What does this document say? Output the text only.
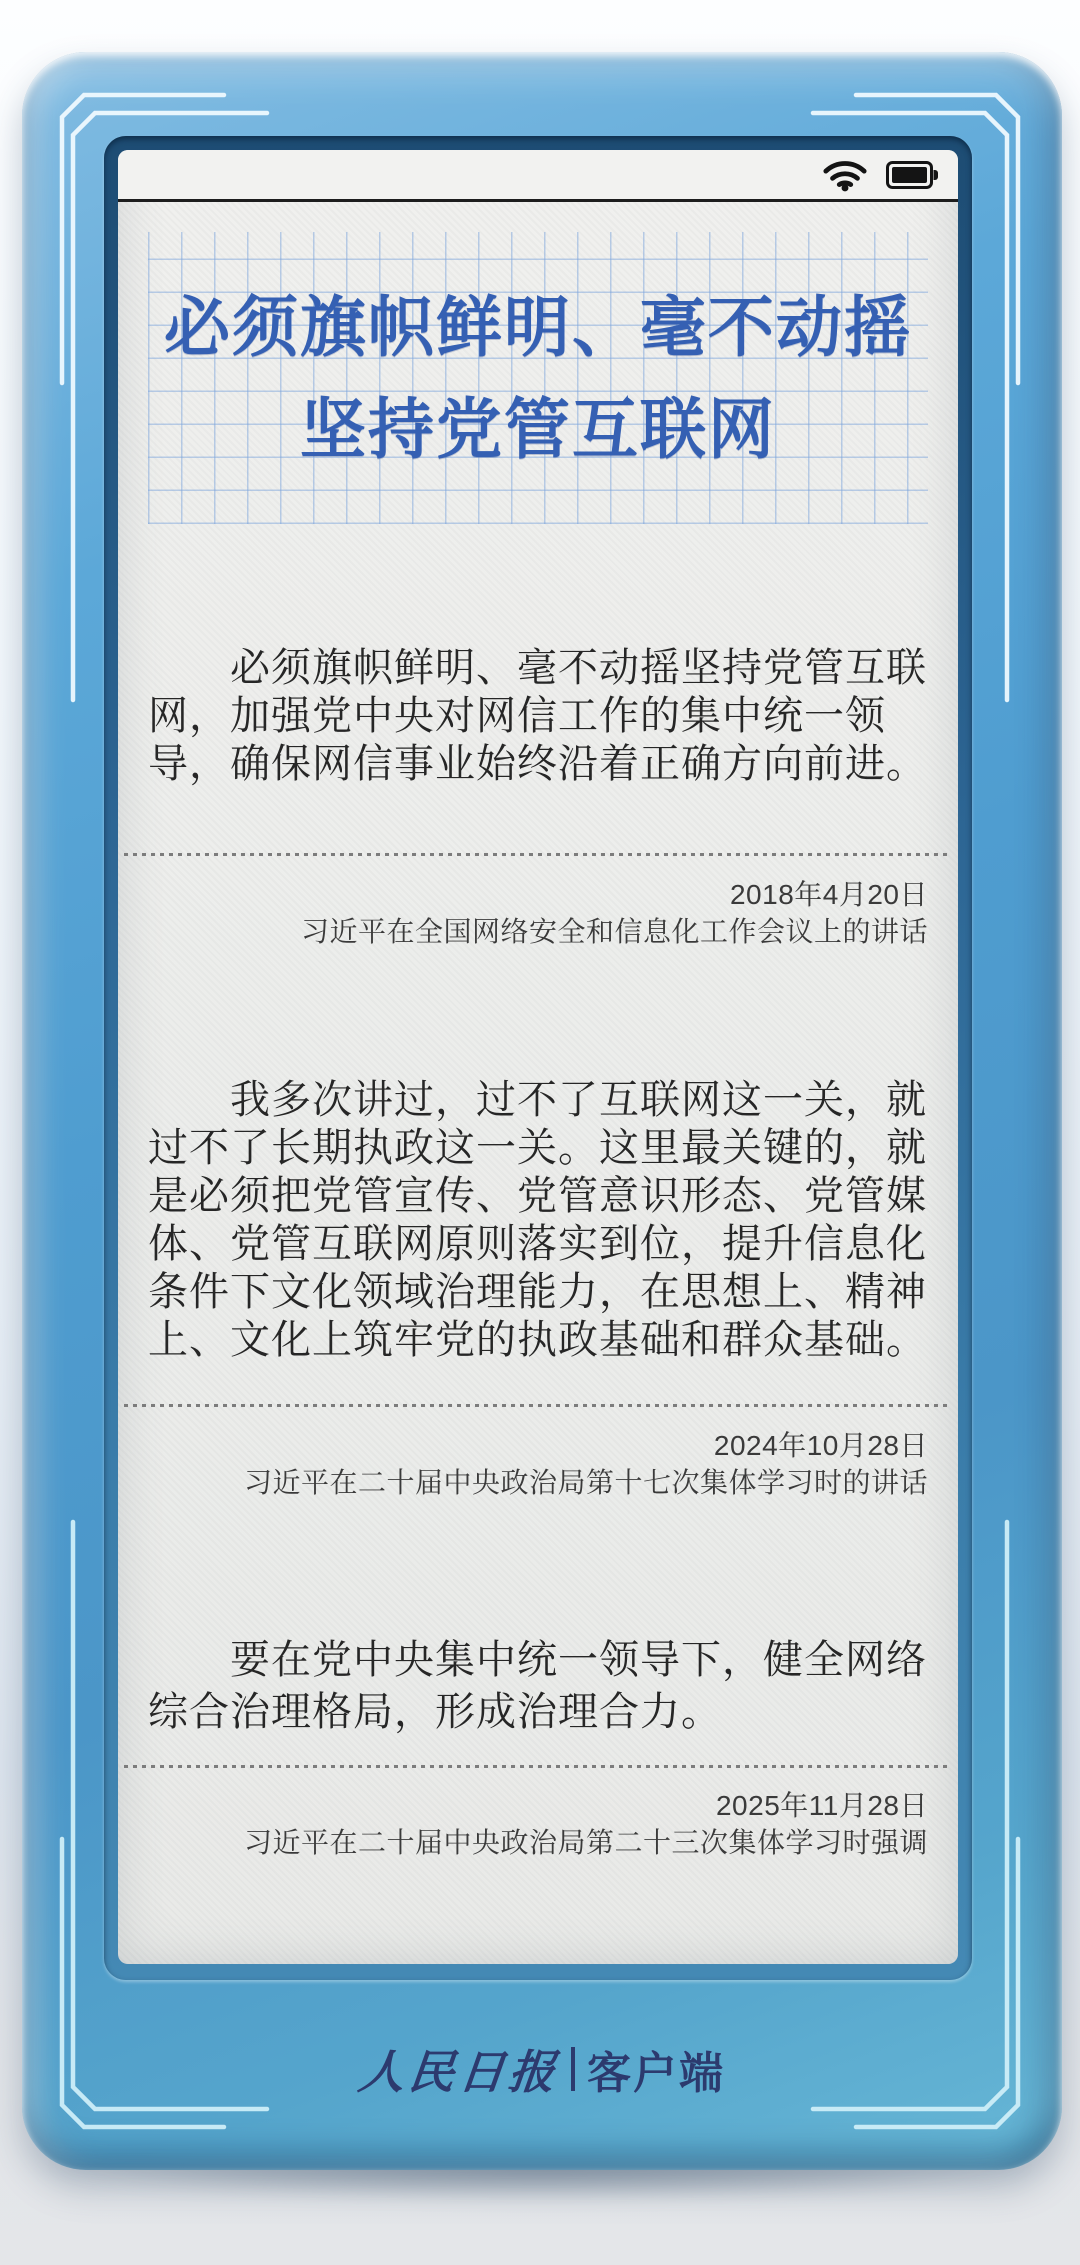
必须旗帜鲜明、毫不动摇
坚持党管互联网
必须旗帜鲜明、毫不动摇坚持党管互联
网，加强党中央对网信工作的集中统一领
导，确保网信事业始终沿着正确方向前进。
2018年4月20日
习近平在全国网络安全和信息化工作会议上的讲话
我多次讲过，过不了互联网这一关，就
过不了长期执政这一关。这里最关键的，就
是必须把党管宣传、党管意识形态、党管媒
体、党管互联网原则落实到位，提升信息化
条件下文化领域治理能力，在思想上、精神
上、文化上筑牢党的执政基础和群众基础。
2024年10月28日
习近平在二十届中央政治局第十七次集体学习时的讲话
要在党中央集中统一领导下，健全网络
综合治理格局，形成治理合力。
2025年11月28日
习近平在二十届中央政治局第二十三次集体学习时强调
人民日报 客户端
